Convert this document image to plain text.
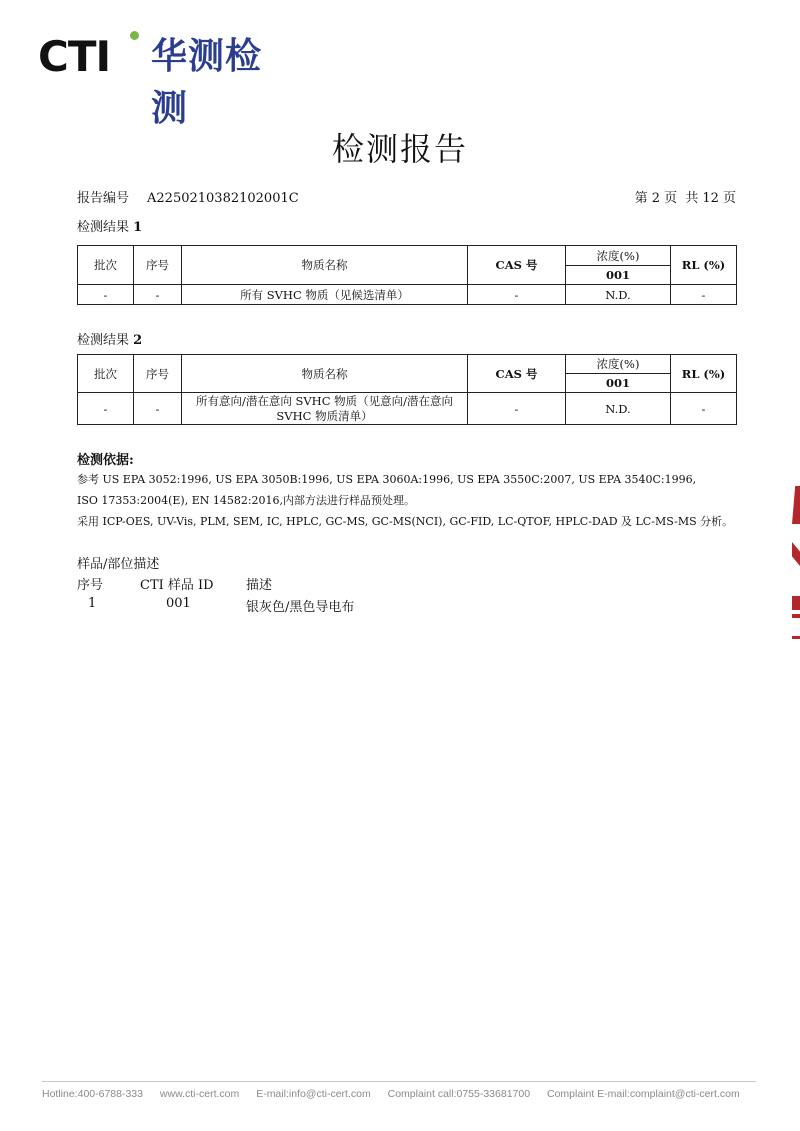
CTI 华测检测
检测报告
报告编号 A2250210382102001C	第 2 页 共 12 页
检测结果 1
批次	序号	物质名称	CAS 号	浓度(%)	RL (%)
				001	
-	-	所有 SVHC 物质（见候选清单）	-	N.D.	-
检测结果 2
批次	序号	物质名称	CAS 号	浓度(%)	RL (%)
				001	
-	-	所有意向/潜在意向 SVHC 物质（见意向/潜在意向
SVHC 物质清单）	-	N.D.	-
检测依据:
参考 US EPA 3052:1996, US EPA 3050B:1996, US EPA 3060A:1996, US EPA 3550C:2007, US EPA 3540C:1996,
ISO 17353:2004(E), EN 14582:2016,内部方法进行样品预处理。
采用 ICP-OES, UV-Vis, PLM, SEM, IC, HPLC, GC-MS, GC-MS(NCI), GC-FID, LC-QTOF, HPLC-DAD 及 LC-MS-MS 分析。
样品/部位描述
序号	CTI 样品 ID 描述
1	001	银灰色/黑色导电布
Hotline:400-6788-333 www.cti-cert.com E-mail:info@cti-cert.com Complaint call:0755-33681700 Complaint E-mail:complaint@cti-cert.com
